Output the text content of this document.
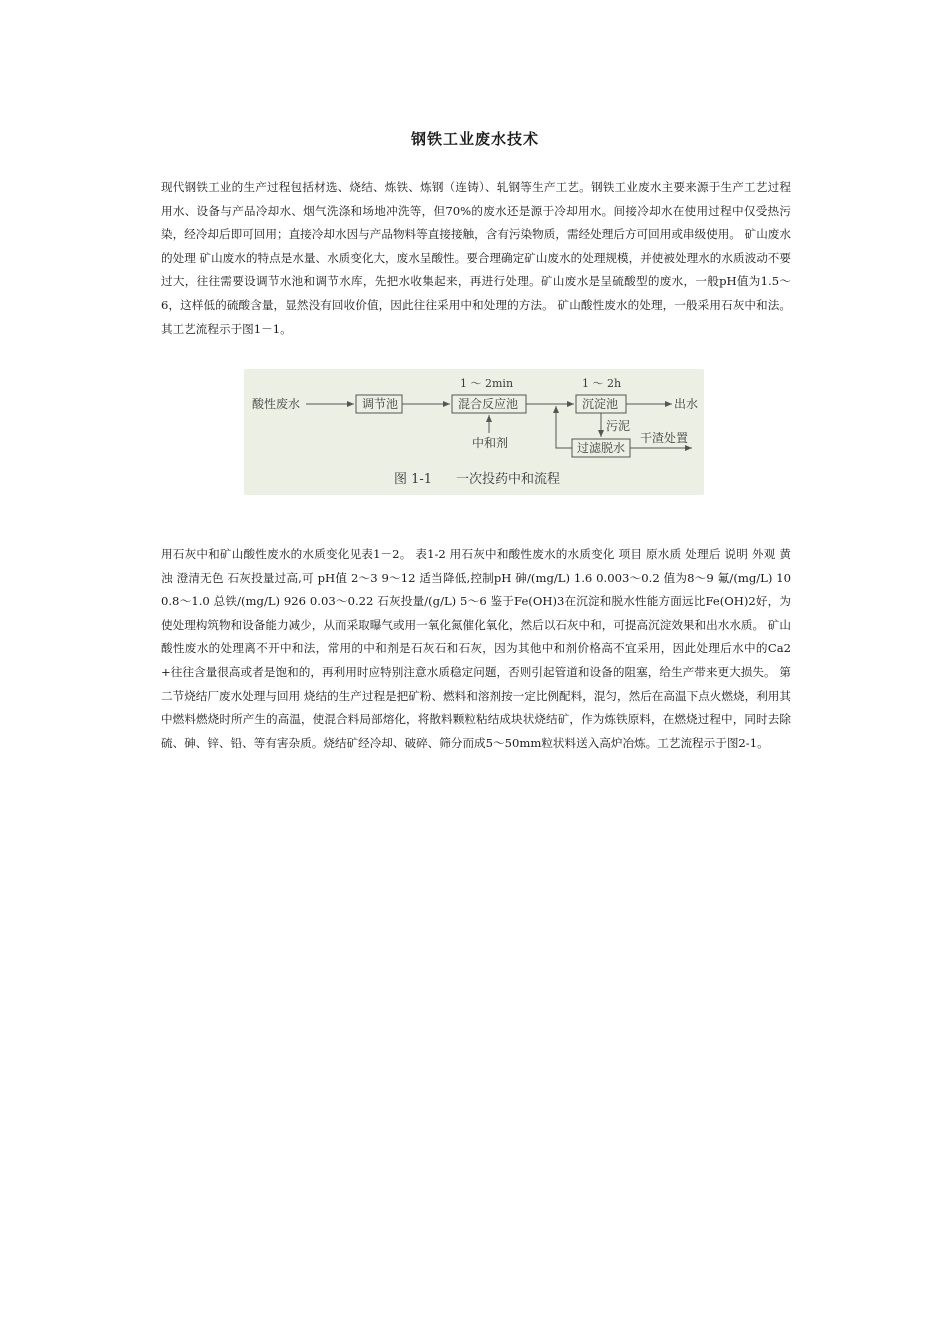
钢铁工业废水技术

现代钢铁工业的生产过程包括材选、烧结、炼铁、炼钢（连铸）、轧钢等生产工艺。钢铁工业废水主要来源于生产工艺过程用水、设备与产品冷却水、烟气洗涤和场地冲洗等，但70%的废水还是源于冷却用水。间接冷却水在使用过程中仅受热污染，经冷却后即可回用；直接冷却水因与产品物料等直接接触，含有污染物质，需经处理后方可回用或串级使用。 矿山废水的处理 矿山废水的特点是水量、水质变化大，废水呈酸性。要合理确定矿山废水的处理规模，并使被处理水的水质波动不要过大，往往需要设调节水池和调节水库，先把水收集起来，再进行处理。矿山废水是呈硫酸型的废水，一般pH值为1.5～6，这样低的硫酸含量，显然没有回收价值，因此往往采用中和处理的方法。 矿山酸性废水的处理，一般采用石灰中和法。其工艺流程示于图1－1。

酸性废水	调节池
1 ～ 2min
混合反应池
中和剂
1 ～ 2h
沉淀池	出水
污泥
过滤脱水
干渣处置
图 1-1 一次投药中和流程

用石灰中和矿山酸性废水的水质变化见表1－2。 表1-2 用石灰中和酸性废水的水质变化 项目 原水质 处理后 说明 外观 黄浊 澄清无色 石灰投量过高,可 pH值 2～3 9～12 适当降低,控制pH 砷/(mg/L) 1.6 0.003～0.2 值为8～9 氟/(mg/L) 10 0.8～1.0 总铁/(mg/L) 926 0.03～0.22 石灰投量/(g/L) 5～6 鉴于Fe(OH)3在沉淀和脱水性能方面远比Fe(OH)2好，为使处理构筑物和设备能力减少，从而采取曝气或用一氧化氮催化氧化，然后以石灰中和，可提高沉淀效果和出水水质。 矿山酸性废水的处理离不开中和法，常用的中和剂是石灰石和石灰，因为其他中和剂价格高不宜采用，因此处理后水中的Ca2+往往含量很高或者是饱和的，再利用时应特别注意水质稳定问题，否则引起管道和设备的阻塞，给生产带来更大损失。 第二节烧结厂废水处理与回用 烧结的生产过程是把矿粉、燃料和溶剂按一定比例配料，混匀，然后在高温下点火燃烧，利用其中燃料燃烧时所产生的高温，使混合料局部熔化，将散料颗粒粘结成块状烧结矿，作为炼铁原料，在燃烧过程中，同时去除硫、砷、锌、铅、等有害杂质。烧结矿经冷却、破碎、筛分而成5～50mm粒状料送入高炉冶炼。工艺流程示于图2-1。
